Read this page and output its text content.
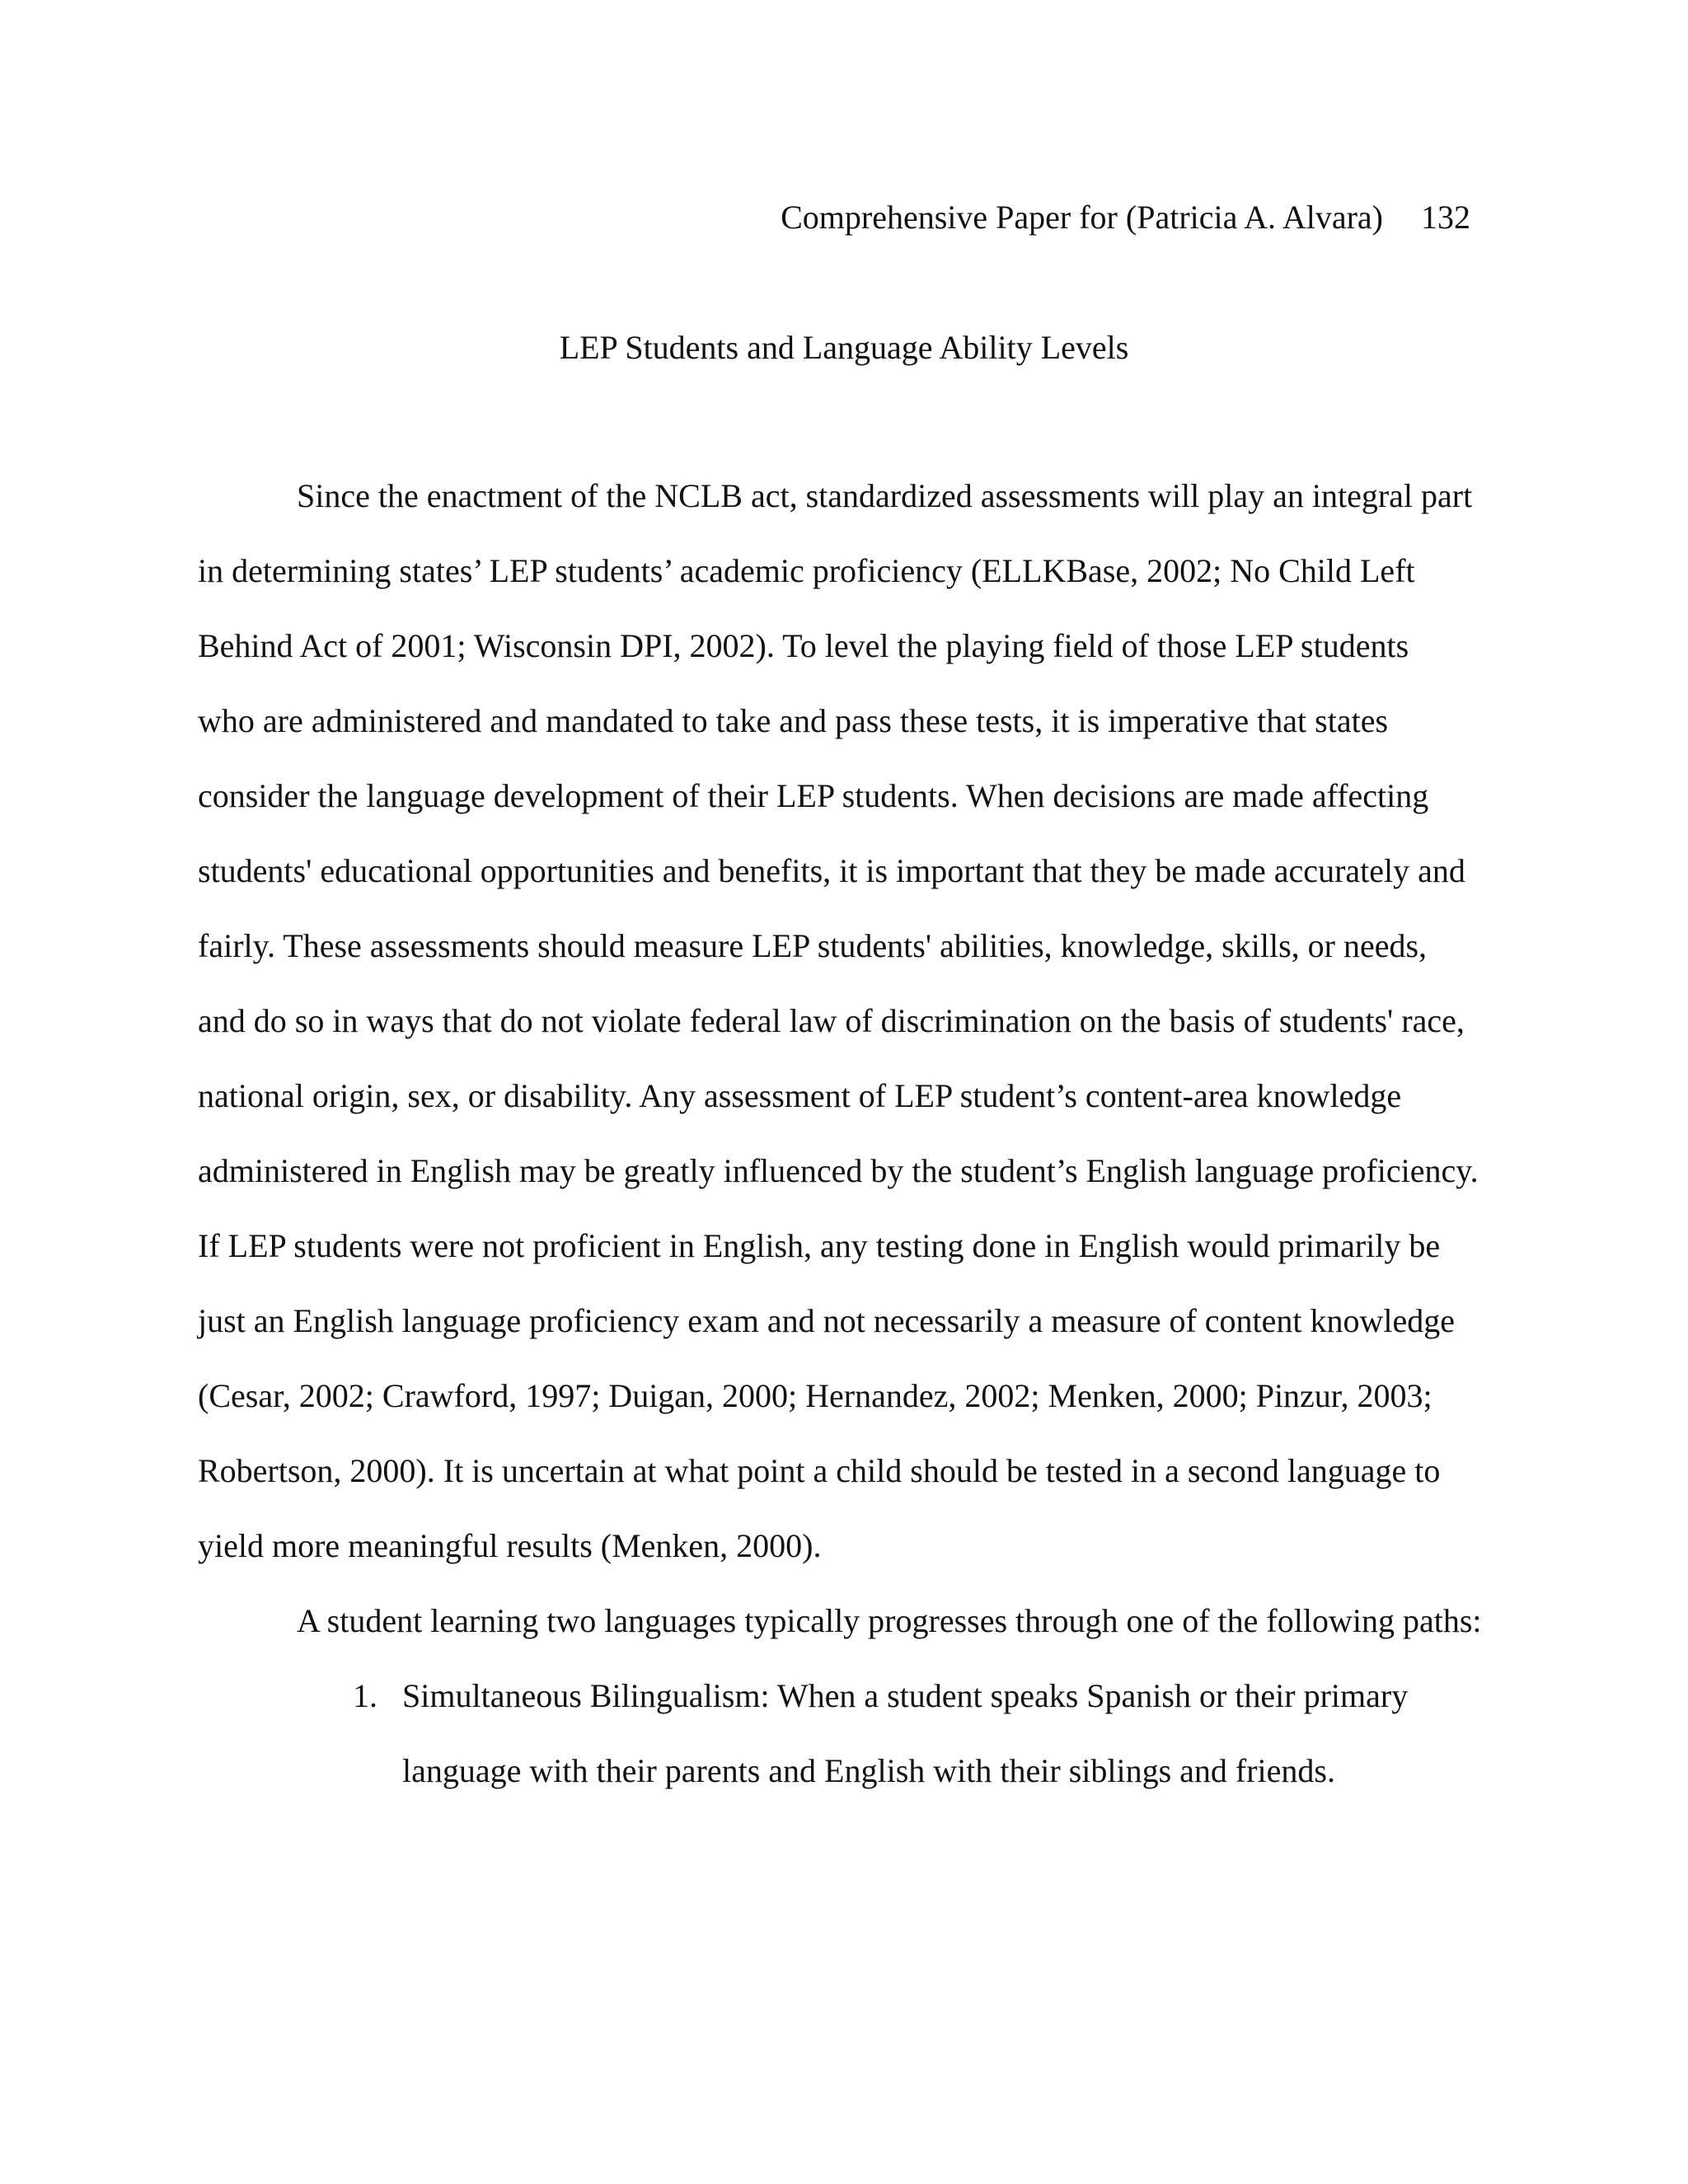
Comprehensive Paper for (Patricia A. Alvara) 132
LEP Students and Language Ability Levels
Since the enactment of the NCLB act, standardized assessments will play an integral part
in determining states’ LEP students’ academic proficiency (ELLKBase, 2002; No Child Left
Behind Act of 2001; Wisconsin DPI, 2002). To level the playing field of those LEP students
who are administered and mandated to take and pass these tests, it is imperative that states
consider the language development of their LEP students. When decisions are made affecting
students' educational opportunities and benefits, it is important that they be made accurately and
fairly. These assessments should measure LEP students' abilities, knowledge, skills, or needs,
and do so in ways that do not violate federal law of discrimination on the basis of students' race,
national origin, sex, or disability. Any assessment of LEP student’s content-area knowledge
administered in English may be greatly influenced by the student’s English language proficiency.
If LEP students were not proficient in English, any testing done in English would primarily be
just an English language proficiency exam and not necessarily a measure of content knowledge
(Cesar, 2002; Crawford, 1997; Duigan, 2000; Hernandez, 2002; Menken, 2000; Pinzur, 2003;
Robertson, 2000). It is uncertain at what point a child should be tested in a second language to
yield more meaningful results (Menken, 2000).
A student learning two languages typically progresses through one of the following paths:
1. Simultaneous Bilingualism: When a student speaks Spanish or their primary
language with their parents and English with their siblings and friends.
